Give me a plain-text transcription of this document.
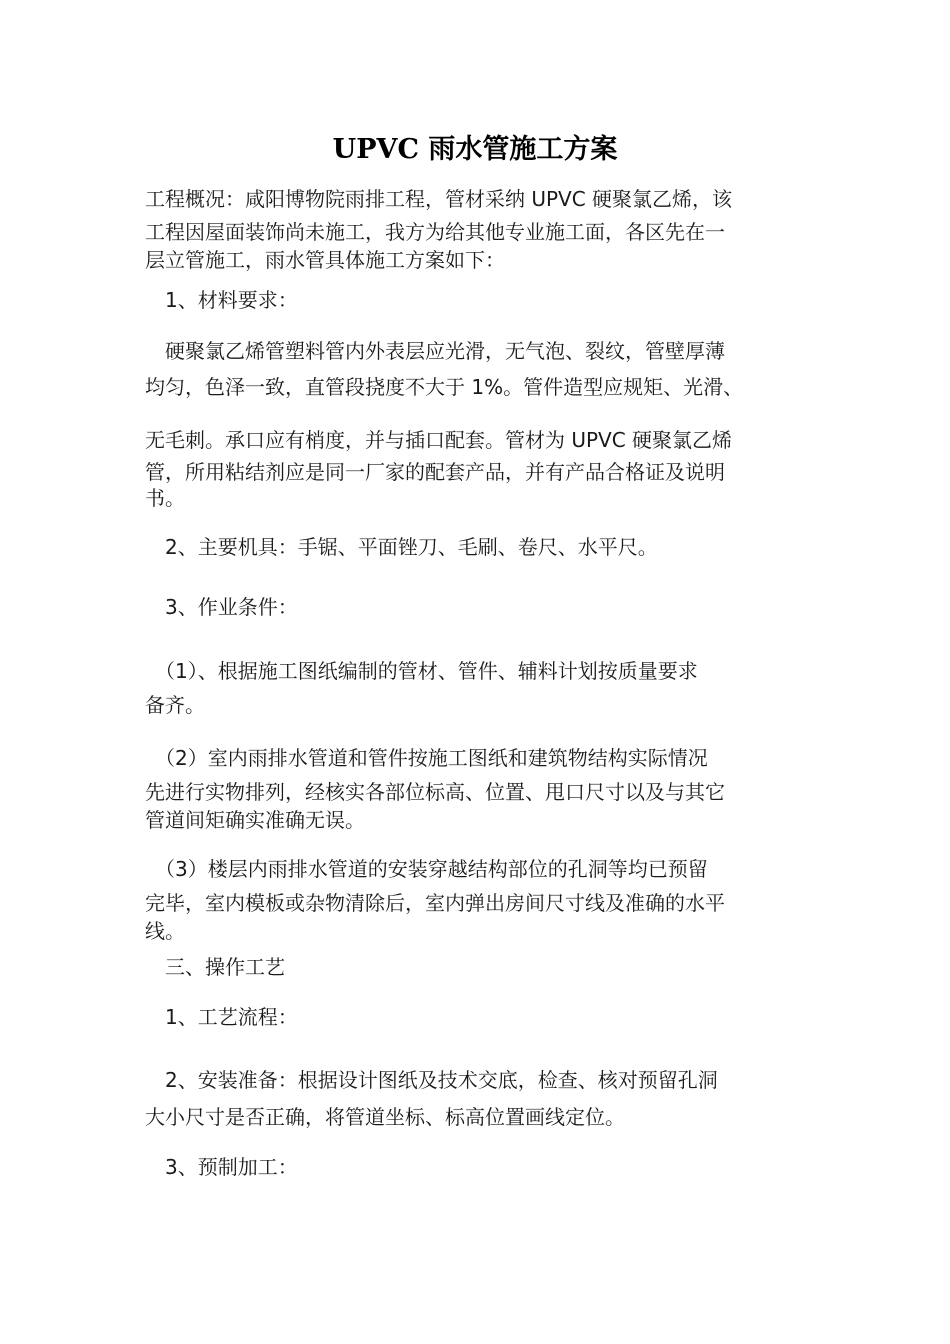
UPVC 雨水管施工方案
工程概况：咸阳博物院雨排工程，管材采纳 UPVC 硬聚氯乙烯，该
工程因屋面装饰尚未施工，我方为给其他专业施工面，各区先在一
层立管施工，雨水管具体施工方案如下：
　1、材料要求：
　硬聚氯乙烯管塑料管内外表层应光滑，无气泡、裂纹，管壁厚薄
均匀，色泽一致，直管段挠度不大于 1%。管件造型应规矩、光滑、
无毛刺。承口应有梢度，并与插口配套。管材为 UPVC 硬聚氯乙烯
管，所用粘结剂应是同一厂家的配套产品，并有产品合格证及说明
书。
　2、主要机具：手锯、平面锉刀、毛刷、卷尺、水平尺。
　3、作业条件：
　（1）、根据施工图纸编制的管材、管件、辅料计划按质量要求
备齐。
　（2）室内雨排水管道和管件按施工图纸和建筑物结构实际情况
先进行实物排列，经核实各部位标高、位置、甩口尺寸以及与其它
管道间矩确实准确无误。
　（3）楼层内雨排水管道的安装穿越结构部位的孔洞等均已预留
完毕，室内模板或杂物清除后，室内弹出房间尺寸线及准确的水平
线。
　三、操作工艺
　1、工艺流程：
　2、安装准备：根据设计图纸及技术交底，检查、核对预留孔洞
大小尺寸是否正确，将管道坐标、标高位置画线定位。
　3、预制加工：
